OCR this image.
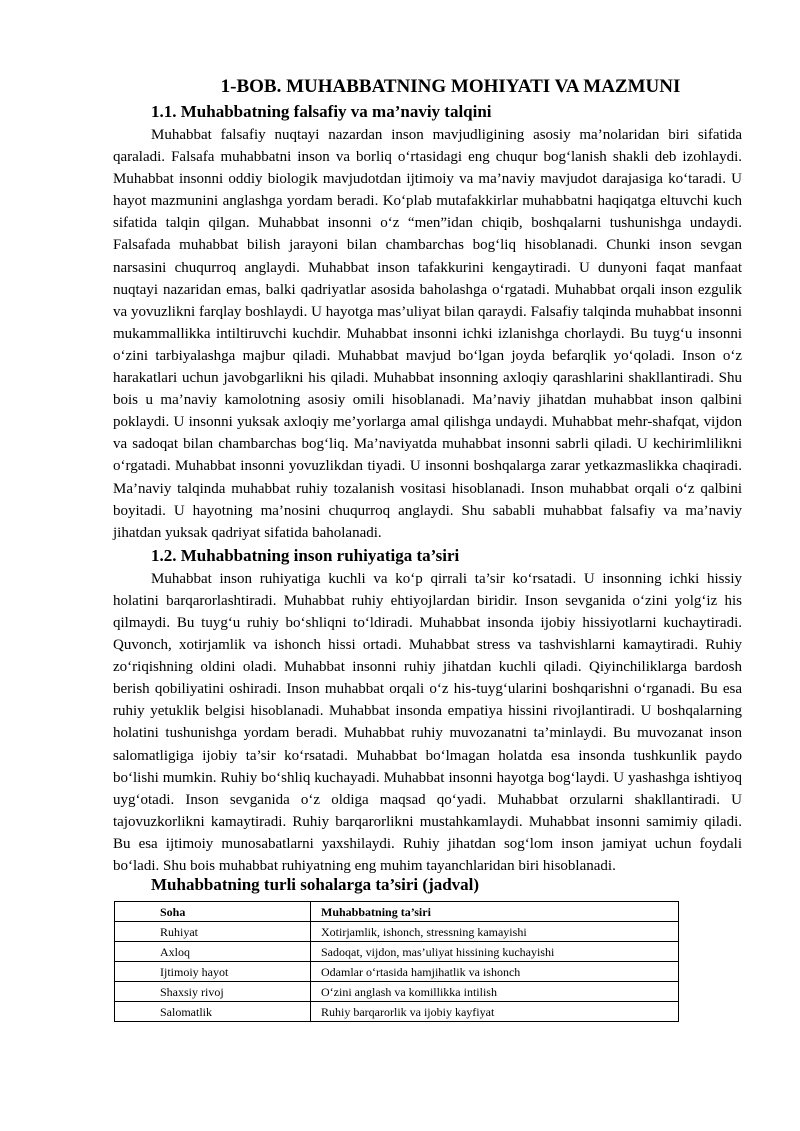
1-BOB. MUHABBATNING MOHIYATI VA MAZMUNI
1.1. Muhabbatning falsafiy va ma’naviy talqini

Muhabbat falsafiy nuqtayi nazardan inson mavjudligining asosiy ma’nolaridan biri sifatida qaraladi. Falsafa muhabbatni inson va borliq o‘rtasidagi eng chuqur bog‘lanish shakli deb izohlaydi. Muhabbat insonni oddiy biologik mavjudotdan ijtimoiy va ma’naviy mavjudot darajasiga ko‘taradi. U hayot mazmunini anglashga yordam beradi. Ko‘plab mutafakkirlar muhabbatni haqiqatga eltuvchi kuch sifatida talqin qilgan. Muhabbat insonni o‘z “men”idan chiqib, boshqalarni tushunishga undaydi. Falsafada muhabbat bilish jarayoni bilan chambarchas bog‘liq hisoblanadi. Chunki inson sevgan narsasini chuqurroq anglaydi. Muhabbat inson tafakkurini kengaytiradi. U dunyoni faqat manfaat nuqtayi nazaridan emas, balki qadriyatlar asosida baholashga o‘rgatadi. Muhabbat orqali inson ezgulik va yovuzlikni farqlay boshlaydi. U hayotga mas’uliyat bilan qaraydi. Falsafiy talqinda muhabbat insonni mukammallikka intiltiruvchi kuchdir. Muhabbat insonni ichki izlanishga chorlaydi. Bu tuyg‘u insonni o‘zini tarbiyalashga majbur qiladi. Muhabbat mavjud bo‘lgan joyda befarqlik yo‘qoladi. Inson o‘z harakatlari uchun javobgarlikni his qiladi. Muhabbat insonning axloqiy qarashlarini shakllantiradi. Shu bois u ma’naviy kamolotning asosiy omili hisoblanadi. Ma’naviy jihatdan muhabbat inson qalbini poklaydi. U insonni yuksak axloqiy me’yorlarga amal qilishga undaydi. Muhabbat mehr-shafqat, vijdon va sadoqat bilan chambarchas bog‘liq. Ma’naviyatda muhabbat insonni sabrli qiladi. U kechirimlilikni o‘rgatadi. Muhabbat insonni yovuzlikdan tiyadi. U insonni boshqalarga zarar yetkazmaslikka chaqiradi. Ma’naviy talqinda muhabbat ruhiy tozalanish vositasi hisoblanadi. Inson muhabbat orqali o‘z qalbini boyitadi. U hayotning ma’nosini chuqurroq anglaydi. Shu sababli muhabbat falsafiy va ma’naviy jihatdan yuksak qadriyat sifatida baholanadi.

1.2. Muhabbatning inson ruhiyatiga ta’siri

Muhabbat inson ruhiyatiga kuchli va ko‘p qirrali ta’sir ko‘rsatadi. U insonning ichki hissiy holatini barqarorlashtiradi. Muhabbat ruhiy ehtiyojlardan biridir. Inson sevganida o‘zini yolg‘iz his qilmaydi. Bu tuyg‘u ruhiy bo‘shliqni to‘ldiradi. Muhabbat insonda ijobiy hissiyotlarni kuchaytiradi. Quvonch, xotirjamlik va ishonch hissi ortadi. Muhabbat stress va tashvishlarni kamaytiradi. Ruhiy zo‘riqishning oldini oladi. Muhabbat insonni ruhiy jihatdan kuchli qiladi. Qiyinchiliklarga bardosh berish qobiliyatini oshiradi. Inson muhabbat orqali o‘z his-tuyg‘ularini boshqarishni o‘rganadi. Bu esa ruhiy yetuklik belgisi hisoblanadi. Muhabbat insonda empatiya hissini rivojlantiradi. U boshqalarning holatini tushunishga yordam beradi. Muhabbat ruhiy muvozanatni ta’minlaydi. Bu muvozanat inson salomatligiga ijobiy ta’sir ko‘rsatadi. Muhabbat bo‘lmagan holatda esa insonda tushkunlik paydo bo‘lishi mumkin. Ruhiy bo‘shliq kuchayadi. Muhabbat insonni hayotga bog‘laydi. U yashashga ishtiyoq uyg‘otadi. Inson sevganida o‘z oldiga maqsad qo‘yadi. Muhabbat orzularni shakllantiradi. U tajovuzkorlikni kamaytiradi. Ruhiy barqarorlikni mustahkamlaydi. Muhabbat insonni samimiy qiladi. Bu esa ijtimoiy munosabatlarni yaxshilaydi. Ruhiy jihatdan sog‘lom inson jamiyat uchun foydali bo‘ladi. Shu bois muhabbat ruhiyatning eng muhim tayanchlaridan biri hisoblanadi.

Muhabbatning turli sohalarga ta’siri (jadval)
Soha	Muhabbatning ta’siri
Ruhiyat	Xotirjamlik, ishonch, stressning kamayishi
Axloq	Sadoqat, vijdon, mas’uliyat hissining kuchayishi
Ijtimoiy hayot	Odamlar o‘rtasida hamjihatlik va ishonch
Shaxsiy rivoj	O‘zini anglash va komillikka intilish
Salomatlik	Ruhiy barqarorlik va ijobiy kayfiyat
